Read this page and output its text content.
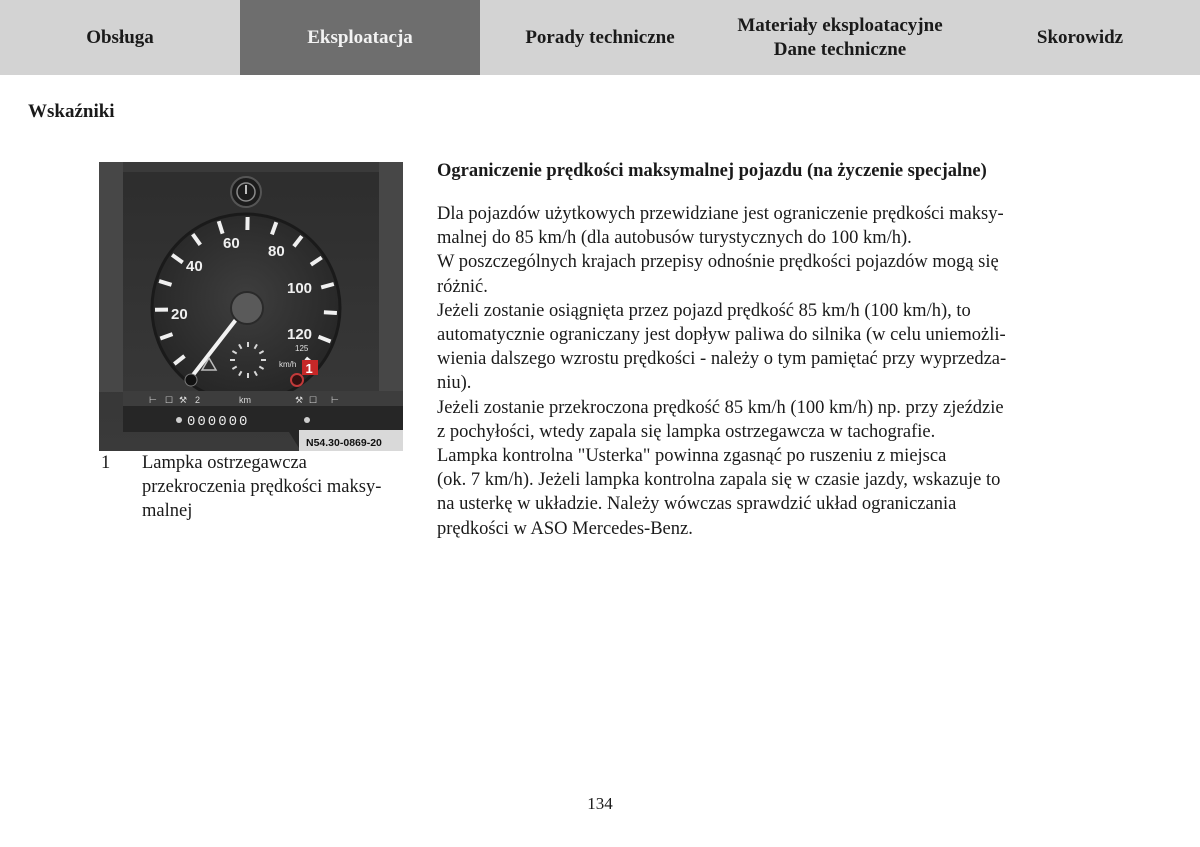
Obsługa	Eksploatacja	Porady techniczne
Materiały eksploatacyjne
Dane techniczne
Skorowidz
Wskaźniki
20
40
60 80
100
120
125
km/h 1
⊢ ☐ ⚒ 2	km	⚒ ☐ ⊢
000000
N54.30-0869-20
1 Lampka ostrzegawcza
przekroczenia prędkości maksy-
malnej
Ograniczenie prędkości maksymalnej pojazdu (na życzenie specjalne)

Dla pojazdów użytkowych przewidziane jest ograniczenie prędkości maksy-
malnej do 85 km/h (dla autobusów turystycznych do 100 km/h).
W poszczególnych krajach przepisy odnośnie prędkości pojazdów mogą się
różnić.
Jeżeli zostanie osiągnięta przez pojazd prędkość 85 km/h (100 km/h), to
automatycznie ograniczany jest dopływ paliwa do silnika (w celu uniemożli-
wienia dalszego wzrostu prędkości - należy o tym pamiętać przy wyprzedza-
niu).
Jeżeli zostanie przekroczona prędkość 85 km/h (100 km/h) np. przy zjeździe
z pochyłości, wtedy zapala się lampka ostrzegawcza w tachografie.
Lampka kontrolna "Usterka" powinna zgasnąć po ruszeniu z miejsca
(ok. 7 km/h). Jeżeli lampka kontrolna zapala się w czasie jazdy, wskazuje to
na usterkę w układzie. Należy wówczas sprawdzić układ ograniczania
prędkości w ASO Mercedes-Benz.

134
